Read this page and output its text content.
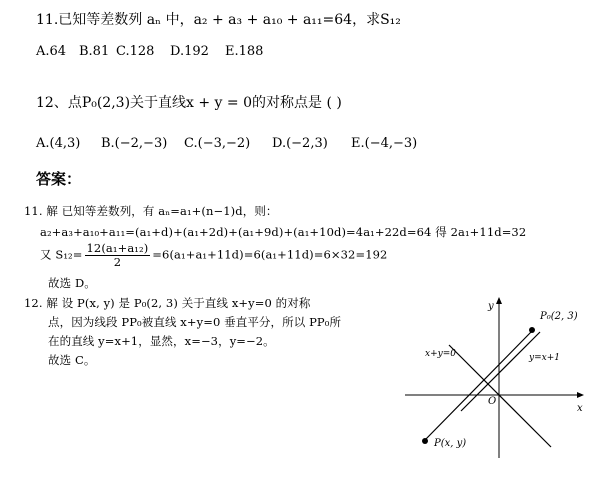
11.已知等差数列 aₙ 中，a₂ + a₃ + a₁₀ + a₁₁=64，求S₁₂
A.64 B.81 C.128 D.192 E.188
12、点P₀(2,3)关于直线x + y = 0的对称点是 ( )
A.(4,3) B.(−2,−3) C.(−3,−2) D.(−2,3) E.(−4,−3)
答案：
11. 解 已知等差数列，有 aₙ=a₁+(n−1)d，则：
a₂+a₃+a₁₀+a₁₁=(a₁+d)+(a₁+2d)+(a₁+9d)+(a₁+10d)=4a₁+22d=64 得 2a₁+11d=32
又 $S_{12}= \frac{\text{12(a₁+a₁₂)}}{2} =6(a_1+a_1+11d)=6(a_1+11d)=6\times 32=192$
故选 D。
12. 解 设 P(x, y) 是 P₀(2, 3) 关于直线 x+y=0 的对称
点，因为线段 PP₀被直线 x+y=0 垂直平分，所以 PP₀所
在的直线 y=x+1，显然，x=−3，y=−2。
故选 C。
y
x
O
P₀(2, 3)
P(x, y)
x+y=0	y=x+1
